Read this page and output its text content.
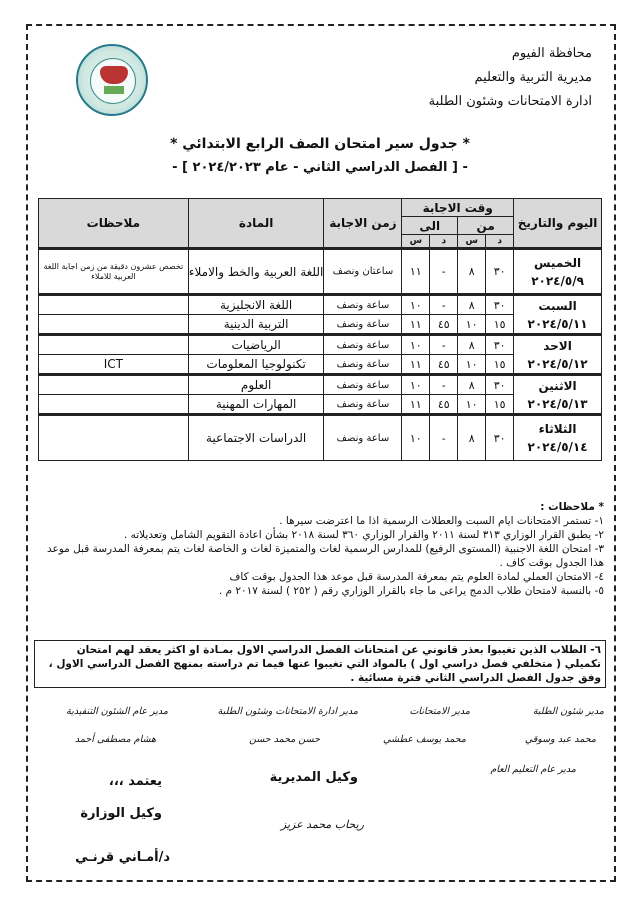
محافظة الفيوم
مديرية التربية والتعليم
ادارة الامتحانات وشئون الطلبة
* جدول سير امتحان الصف الرابع الابتدائي *
- [ الفصل الدراسي الثاني - عام ٢٠٢٤/٢٠٢٣ ] -
اليوم والتاريخ	وقت الاجابة				زمن الاجابة	المادة	ملاحظات
	من		الى				
	د	س	د	س			

الخميس
٢٠٢٤/٥/٩	٣٠	٨	-	١١	ساعتان ونصف	اللغة العربية والخط والاملاء	تخصص عشرون دقيقة من زمن اجابة اللغة العربية للاملاء

السبت
٢٠٢٤/٥/١١	٣٠	٨	-	١٠	ساعة ونصف	اللغة الانجليزية	
	١٥	١٠	٤٥	١١	ساعة ونصف	التربية الدينية	

الاحد
٢٠٢٤/٥/١٢	٣٠	٨	-	١٠	ساعة ونصف	الرياضيات	
	١٥	١٠	٤٥	١١	ساعة ونصف	تكنولوجيا المعلومات	ICT

الاثنين
٢٠٢٤/٥/١٣	٣٠	٨	-	١٠	ساعة ونصف	العلوم	
	١٥	١٠	٤٥	١١	ساعة ونصف	المهارات المهنية	

الثلاثاء
٢٠٢٤/٥/١٤	٣٠	٨	-	١٠	ساعة ونصف	الدراسات الاجتماعية	
* ملاحظات :
١- تستمر الامتحانات ايام السبت والعطلات الرسمية اذا ما اعترضت سيرها .
٢- يطبق القرار الوزاري ٣١٣ لسنة ٢٠١١ والقرار الوزاري ٣٦٠ لسنة ٢٠١٨ بشأن اعادة التقويم الشامل وتعديلاته .
٣- امتحان اللغة الاجنبية (المستوى الرفيع) للمدارس الرسمية لغات والمتميزة لغات و الخاصة لغات يتم بمعرفة المدرسة قبل موعد هذا الجدول بوقت كاف .
٤- الامتحان العملي لمادة العلوم يتم بمعرفة المدرسة قبل موعد هذا الجدول بوقت كاف
٥- بالنسبة لامتحان طلاب الدمج يراعى ما جاء بالقرار الوزاري رقم ( ٢٥٢ ) لسنة ٢٠١٧ م .
٦- الطلاب الذين تغيبوا بعذر قانوني عن امتحانات الفصل الدراسي الاول بمـادة او اكثر يعقد لهم امتحان تكميلي ( متخلفي فصل دراسي اول ) بالمواد التي تغيبوا عنها فيما تم دراسته بمنهج الفصل الدراسي الاول ، وفق جدول الفصل الدراسي الثاني فترة مسائية .
مدير شئون الطلبة
مدير الامتحانات
مدير ادارة الامتحانات وشئون الطلبة
مدير عام الشئون التنفيذية
محمد عبد وسوقي
محمد يوسف عطشي
حسن محمد حسن
هشام مصطفى أحمد
مدير عام التعليم العام
وكيل المديرية
ريحاب محمد عزيز
يعتمد ،،،
وكيل الوزارة
د/أمـاني قرنـي
